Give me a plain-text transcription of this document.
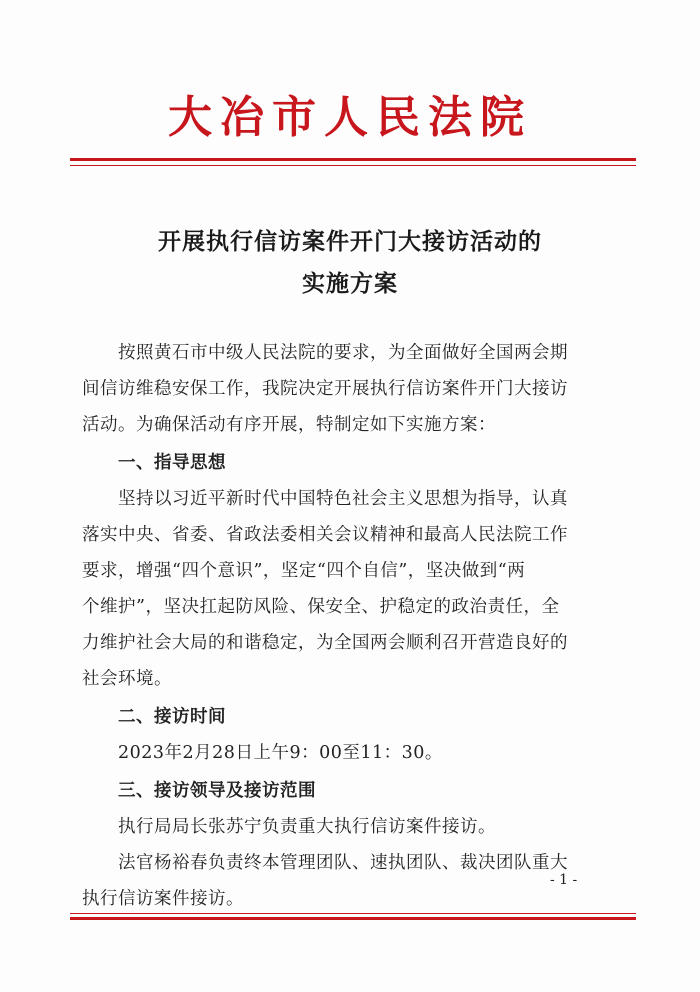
大冶市人民法院
开展执行信访案件开门大接访活动的
实施方案
按照黄石市中级人民法院的要求，为全面做好全国两会期
间信访维稳安保工作，我院决定开展执行信访案件开门大接访
活动。为确保活动有序开展，特制定如下实施方案：
一、指导思想
坚持以习近平新时代中国特色社会主义思想为指导，认真
落实中央、省委、省政法委相关会议精神和最高人民法院工作
要求，增强“四个意识”，坚定“四个自信”，坚决做到“两
个维护”，坚决扛起防风险、保安全、护稳定的政治责任，全
力维护社会大局的和谐稳定，为全国两会顺利召开营造良好的
社会环境。
二、接访时间
2023年2月28日上午9：00至11：30。
三、接访领导及接访范围
执行局局长张苏宁负责重大执行信访案件接访。
法官杨裕春负责终本管理团队、速执团队、裁决团队重大
执行信访案件接访。
- 1 -
